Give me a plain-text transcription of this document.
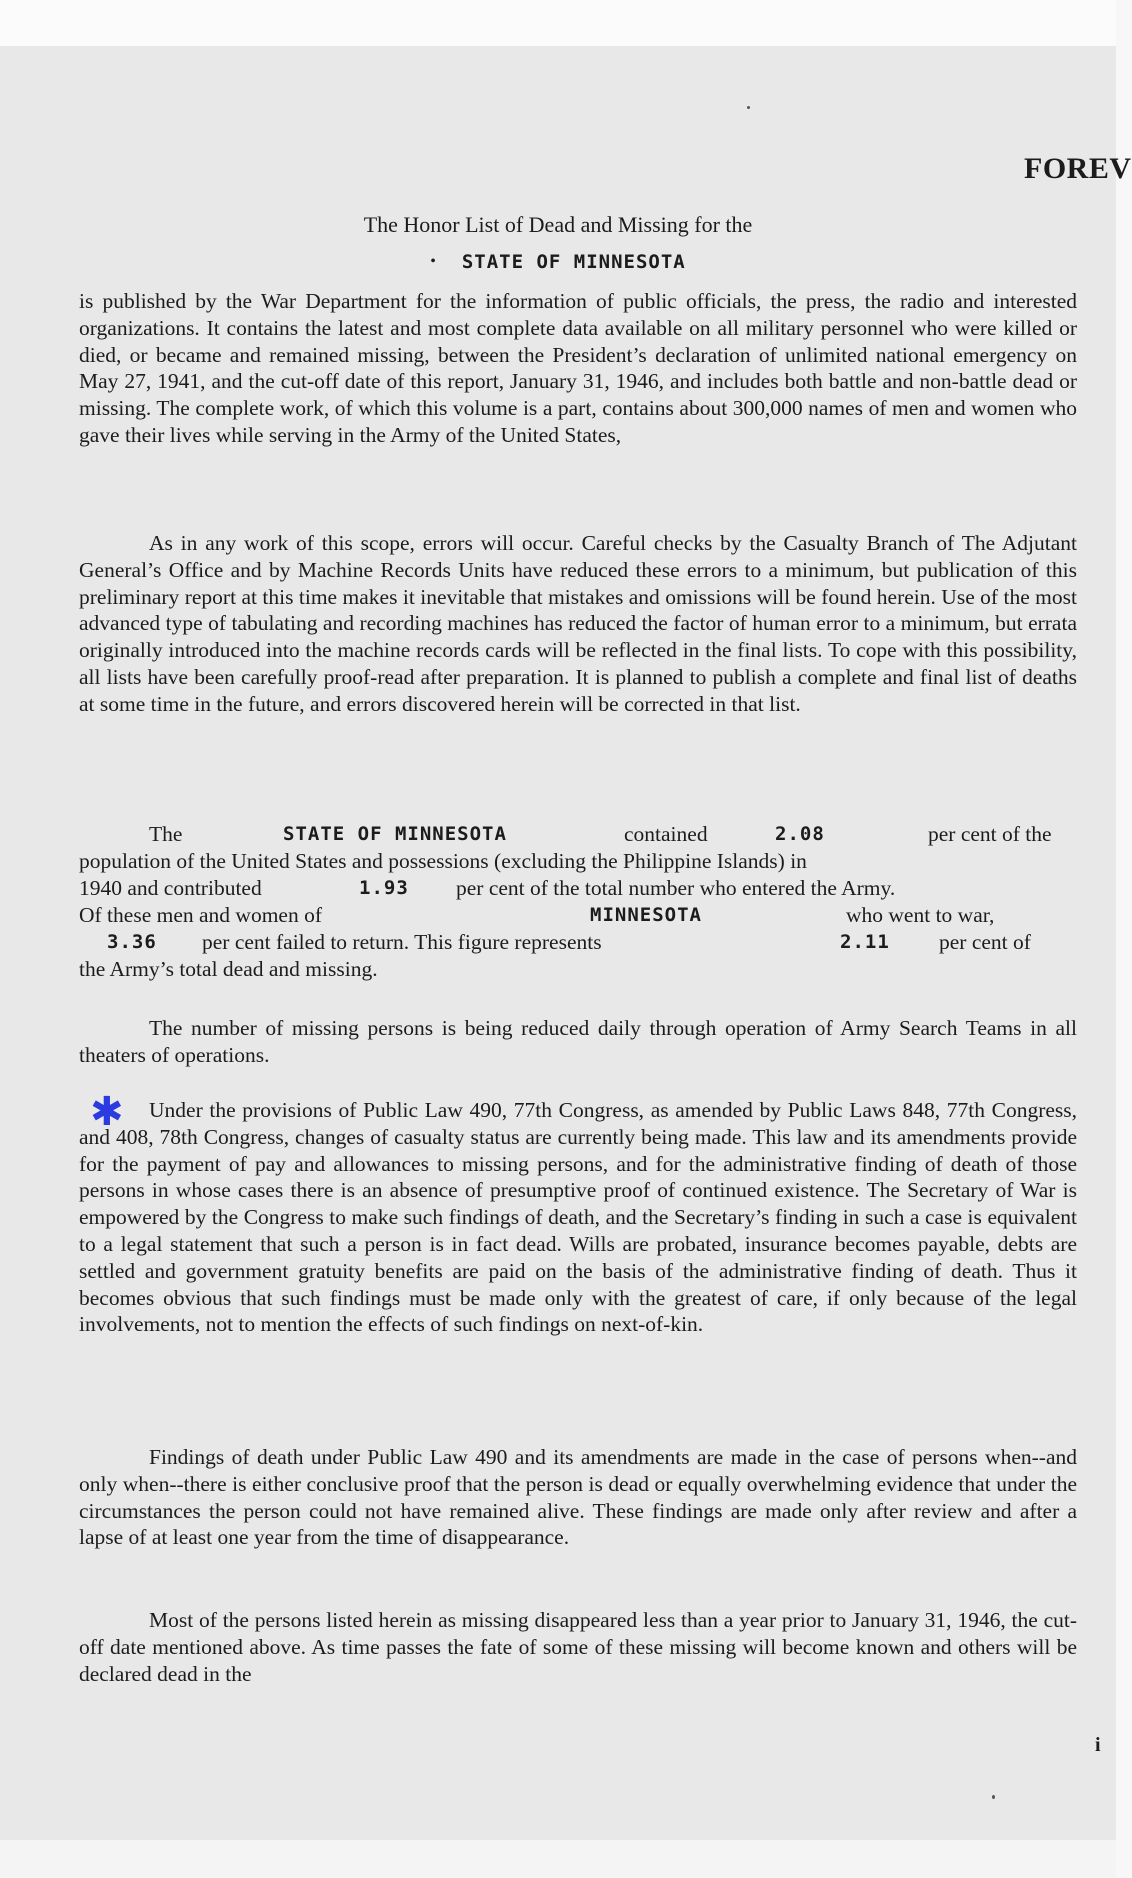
FOREV
The Honor List of Dead and Missing for the
• STATE OF MINNESOTA

is published by the War Department for the information of public officials, the press, the radio and interested organizations. It contains the latest and most complete data available on all military personnel who were killed or died, or became and remained missing, between the President’s declaration of unlimited national emergency on May 27, 1941, and the cut-off date of this report, January 31, 1946, and includes both battle and non-battle dead or missing. The complete work, of which this volume is a part, contains about 300,000 names of men and women who gave their lives while serving in the Army of the United States,

As in any work of this scope, errors will occur. Careful checks by the Casualty Branch of The Adjutant General’s Office and by Machine Records Units have reduced these errors to a minimum, but publication of this preliminary report at this time makes it inevitable that mistakes and omissions will be found herein. Use of the most advanced type of tabulating and recording machines has reduced the factor of human error to a minimum, but errata originally introduced into the machine records cards will be reflected in the final lists. To cope with this possibility, all lists have been carefully proof-read after preparation. It is planned to publish a complete and final list of deaths at some time in the future, and errors discovered herein will be corrected in that list.

The	STATE OF MINNESOTA	contained	2.08	per cent of the
population of the United States and possessions (excluding the Philippine Islands) in
1940 and contributed	1.93 per cent of the total number who entered the Army.
Of these men and women of	MINNESOTA	who went to war,
3.36 per cent failed to return. This figure represents	2.11 per cent of
the Army’s total dead and missing.

The number of missing persons is being reduced daily through operation of Army Search Teams in all theaters of operations.

✱	Under the provisions of Public Law 490, 77th Congress, as amended by Public Laws 848, 77th Congress, and 408, 78th Congress, changes of casualty status are currently being made. This law and its amendments provide for the payment of pay and allowances to missing persons, and for the administrative finding of death of those persons in whose cases there is an absence of presumptive proof of continued existence. The Secretary of War is empowered by the Congress to make such findings of death, and the Secretary’s finding in such a case is equivalent to a legal statement that such a person is in fact dead. Wills are probated, insurance becomes payable, debts are settled and government gratuity benefits are paid on the basis of the administrative finding of death. Thus it becomes obvious that such findings must be made only with the greatest of care, if only because of the legal involvements, not to mention the effects of such findings on next-of-kin.

Findings of death under Public Law 490 and its amendments are made in the case of persons when--and only when--there is either conclusive proof that the person is dead or equally overwhelming evidence that under the circumstances the person could not have remained alive. These findings are made only after review and after a lapse of at least one year from the time of disappearance.

Most of the persons listed herein as missing disappeared less than a year prior to January 31, 1946, the cut-off date mentioned above. As time passes the fate of some of these missing will become known and others will be declared dead in the

i
